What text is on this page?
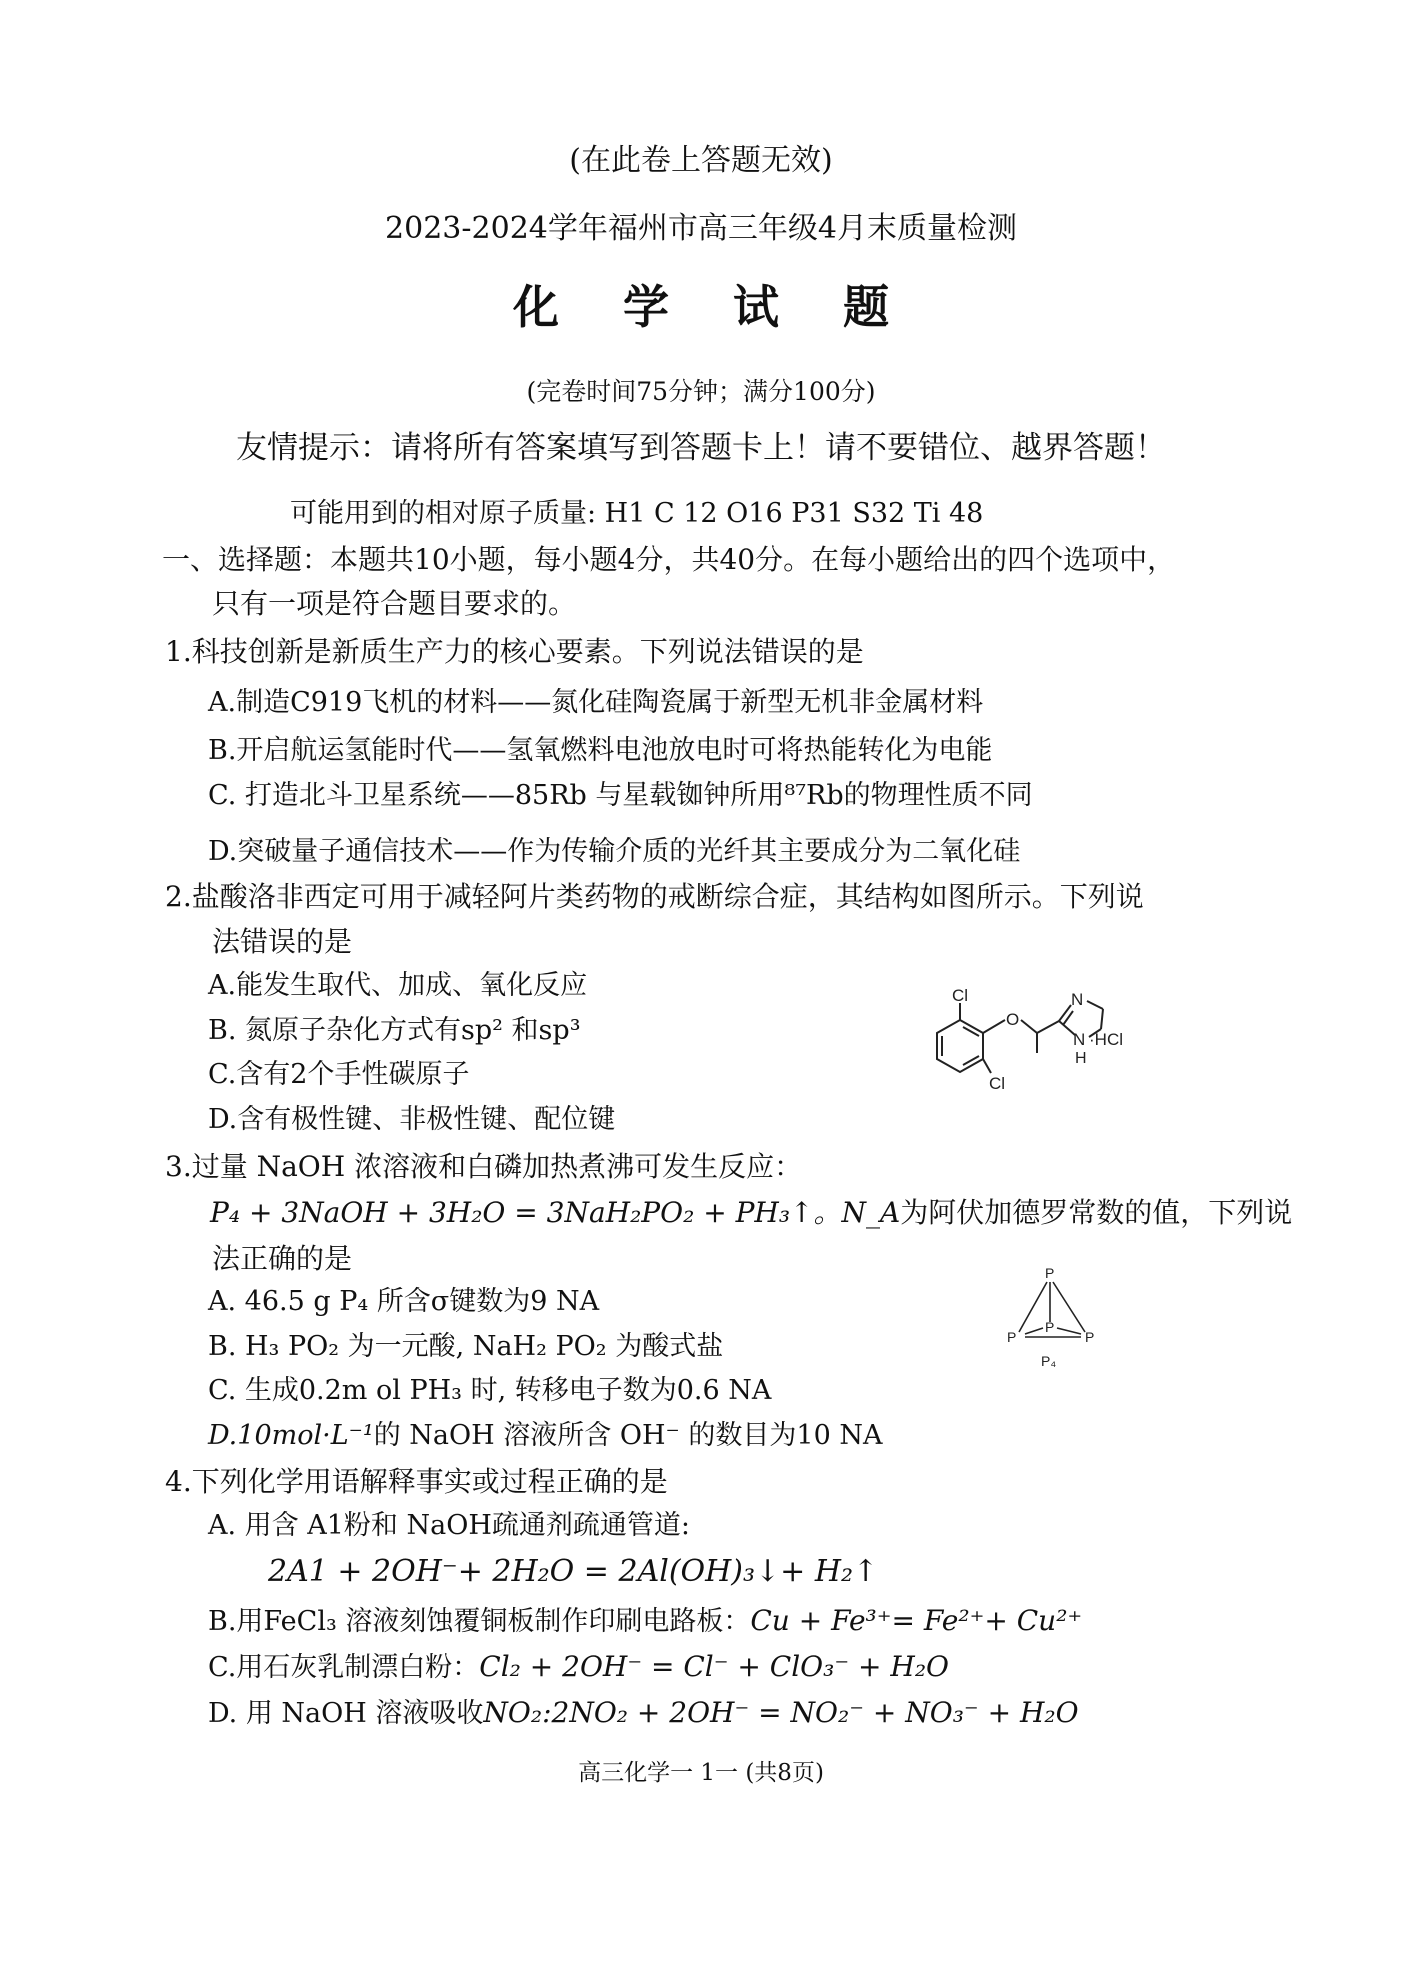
(在此卷上答题无效)
2023-2024学年福州市高三年级4月末质量检测
化 学 试 题
(完卷时间75分钟；满分100分)
友情提示：请将所有答案填写到答题卡上！请不要错位、越界答题！
可能用到的相对原子质量: H1 C 12 O16 P31 S32 Ti 48
一、选择题：本题共10小题，每小题4分，共40分。在每小题给出的四个选项中，
只有一项是符合题目要求的。
1.科技创新是新质生产力的核心要素。下列说法错误的是
A.制造C919飞机的材料——氮化硅陶瓷属于新型无机非金属材料
B.开启航运氢能时代——氢氧燃料电池放电时可将热能转化为电能
C. 打造北斗卫星系统——85Rb 与星载铷钟所用⁸⁷Rb的物理性质不同
D.突破量子通信技术——作为传输介质的光纤其主要成分为二氧化硅
2.盐酸洛非西定可用于减轻阿片类药物的戒断综合症，其结构如图所示。下列说
法错误的是
A.能发生取代、加成、氧化反应
B. 氮原子杂化方式有sp² 和sp³
C.含有2个手性碳原子
D.含有极性键、非极性键、配位键
Cl
Cl
O
N
N
H
·HCl
3.过量 NaOH 浓溶液和白磷加热煮沸可发生反应：
P₄ + 3NaOH + 3H₂O = 3NaH₂PO₂ + PH₃↑。N_A为阿伏加德罗常数的值，下列说
法正确的是
A. 46.5 g P₄ 所含σ键数为9 NA
B. H₃ PO₂ 为一元酸, NaH₂ PO₂ 为酸式盐
C. 生成0.2m ol PH₃ 时, 转移电子数为0.6 NA
D.10mol·L⁻¹的 NaOH 溶液所含 OH⁻ 的数目为10 NA
P
P
P
P
P₄
4.下列化学用语解释事实或过程正确的是
A. 用含 A1粉和 NaOH疏通剂疏通管道:
2A1 + 2OH⁻+ 2H₂O = 2Al(OH)₃↓+ H₂↑
B.用FeCl₃ 溶液刻蚀覆铜板制作印刷电路板：Cu + Fe³⁺= Fe²⁺+ Cu²⁺
C.用石灰乳制漂白粉：Cl₂ + 2OH⁻ = Cl⁻ + ClO₃⁻ + H₂O
D. 用 NaOH 溶液吸收NO₂:2NO₂ + 2OH⁻ = NO₂⁻ + NO₃⁻ + H₂O
高三化学一 1一 (共8页)
